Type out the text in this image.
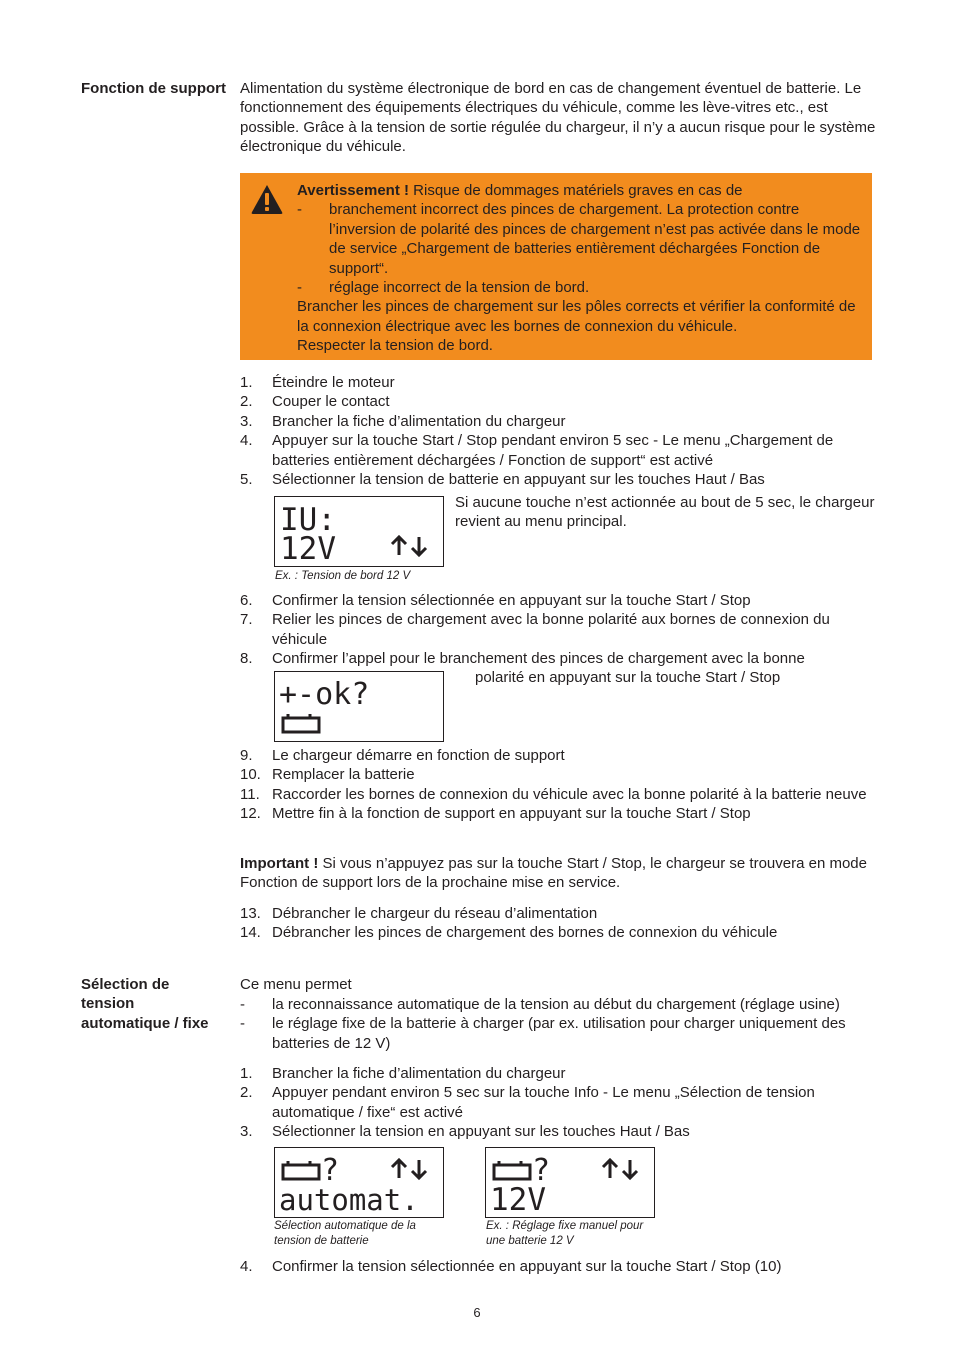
Fonction de support Alimentation du système électronique de bord en cas de changement éventuel de batterie. Le fonctionnement des équipements électriques du véhicule, comme les lève-vitres etc., est possible. Grâce à la tension de sortie régulée du chargeur, il n’y a aucun risque pour le système électronique du véhicule.
Avertissement ! Risque de dommages matériels graves en cas de
- branchement incorrect des pinces de chargement. La protection contre l’inversion de polarité des pinces de chargement n’est pas activée dans le mode de service „Chargement de batteries entièrement déchargées Fonction de support“.
- réglage incorrect de la tension de bord.
Brancher les pinces de chargement sur les pôles corrects et vérifier la conformité de la connexion électrique avec les bornes de connexion du véhicule.
Respecter la tension de bord.
1. Éteindre le moteur
2. Couper le contact
3. Brancher la fiche d’alimentation du chargeur
4. Appuyer sur la touche Start / Stop pendant environ 5 sec - Le menu „Chargement de batteries entièrement déchargées / Fonction de support“ est activé
5. Sélectionner la tension de batterie en appuyant sur les touches Haut / Bas
IU:
12V
Ex. : Tension de bord 12 V
Si aucune touche n’est actionnée au bout de 5 sec, le chargeur revient au menu principal.
6. Confirmer la tension sélectionnée en appuyant sur la touche Start / Stop
7. Relier les pinces de chargement avec la bonne polarité aux bornes de connexion du véhicule
8. Confirmer l’appel pour le branchement des pinces de chargement avec la bonne
polarité en appuyant sur la touche Start / Stop
+-ok?
9. Le chargeur démarre en fonction de support
10. Remplacer la batterie
11. Raccorder les bornes de connexion du véhicule avec la bonne polarité à la batterie neuve
12. Mettre fin à la fonction de support en appuyant sur la touche Start / Stop
Important ! Si vous n’appuyez pas sur la touche Start / Stop, le chargeur se trouvera en mode Fonction de support lors de la prochaine mise en service.
13. Débrancher le chargeur du réseau d’alimentation
14. Débrancher les pinces de chargement des bornes de connexion du véhicule
Sélection de tension automatique / fixe
Ce menu permet
- la reconnaissance automatique de la tension au début du chargement (réglage usine)
- le réglage fixe de la batterie à charger (par ex. utilisation pour charger uniquement des batteries de 12 V)
1. Brancher la fiche d’alimentation du chargeur
2. Appuyer pendant environ 5 sec sur la touche Info - Le menu „Sélection de tension automatique / fixe“ est activé
3. Sélectionner la tension en appuyant sur les touches Haut / Bas
?
automat.
Sélection automatique de la tension de batterie
?
12V
Ex. : Réglage fixe manuel pour une batterie 12 V
4. Confirmer la tension sélectionnée en appuyant sur la touche Start / Stop (10)
6
